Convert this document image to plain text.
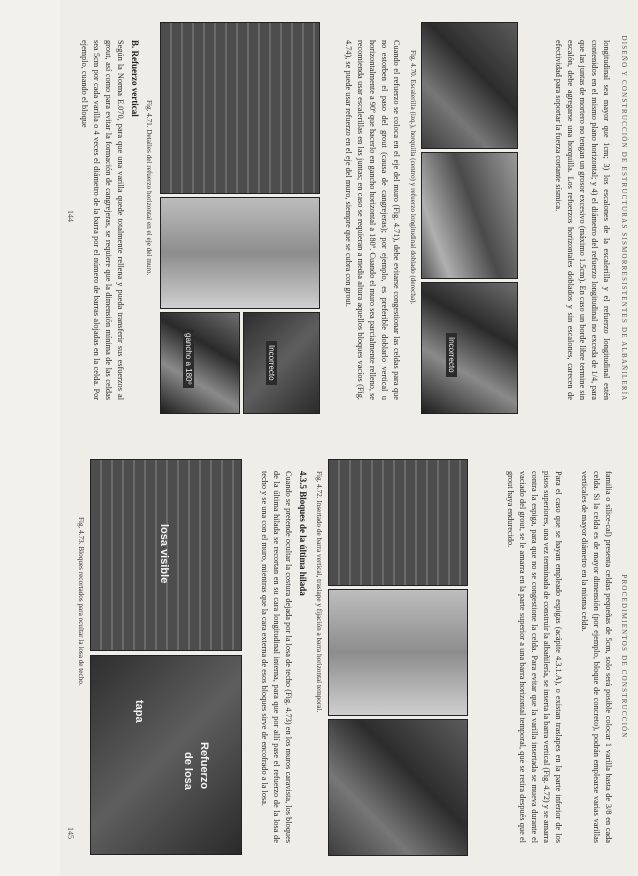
DISEÑO Y CONSTRUCCIÓN DE ESTRUCTURAS SISMORRESISTENTES DE ALBAÑILERÍA

longitudinal sea mayor que 1cm; 3) los escalones de la escalerilla y el refuerzo longitudinal estén contenidos en el mismo plano horizontal; y 4) el diámetro del refuerzo longitudinal no exceda de 1/4, para que las juntas de mortero no tengan un grosor excesivo (máximo 1.5cm). En caso un borde libre termine sin escalón, debe agregarse una horquilla. Los refuerzos horizontales doblados y sin escalones, carecen de efectividad para soportar la fuerza cortante sísmica.

Incorrecto
Fig. 4.70. Escalerilla (izq.), horquilla (centro) y refuerzo longitudinal doblado (derecha).

Cuando el refuerzo se coloca en el eje del muro (Fig. 4.71), debe evitarse congestionar las celdas para que no estorben el paso del grout (causa de cangrejeras); por ejemplo, es preferible doblarlo vertical u horizontalmente a 90º que hacerlo en gancho horizontal a 180º. Cuando el muro sea parcialmente relleno, se recomienda usar escalerillas en las juntas; en caso se requieran a media altura aquellos bloques vacíos (Fig. 4.74), se puede usar refuerzo en el eje del muro, siempre que se cubra con grout.

Incorrecto
gancho a 180º
Fig. 4.71. Detalles del refuerzo horizontal en el eje del muro.
B. Refuerzo vertical

Según la Norma E.070, para que una varilla quede totalmente rellena y pueda transferir sus esfuerzos al grout, así como para evitar la formación de cangrejeras, se requiere que la dimensión mínima de las celdas sea 5cm por cada varilla o 4 veces el diámetro de la barra por el número de barras alojadas en la celda. Por ejemplo, cuando el bloque

144
PROCEDIMIENTOS DE CONSTRUCCIÓN

familia o sílice-cal) presenta celdas pequeñas de 5cm, solo será posible colocar 1 varilla hasta de 3/8 en cada celda. Si la celda es de mayor dimensión (por ejemplo, bloque de concreto), podrán emplearse varias varillas verticales de mayor diámetro en la misma celda.

Para el caso que se hayan empleado espigas (acápite 4.3.1.A), o existan traslapes en la parte inferior de los pisos superiores, una vez terminada de construir la albañilería, se inserta la barra vertical (Fig. 4.72) y se amarra contra la espiga, para que no se congestione la celda. Para evitar que la varilla insertada se mueva durante el vaciado del grout, se le amarra en la parte superior a una barra horizontal temporal, que se retira después que el grout haya endurecido.

Fig. 4.72. Insertado de barra vertical, traslape y fijación a barra horizontal temporal.
4.3.5 Bloques de la última hilada

Cuando se pretende ocultar la costura dejada por la losa de techo (Fig. 4.73) en los muros caravista, los bloques de la última hilada se recortan en su cara longitudinal interna, para que por allí pase el refuerzo de la losa de techo y se una con el muro, mientras que la cara externa de esos bloques sirve de encofrado a la losa.

losa visible
Refuerzo
de losa
tapa
Fig. 4.73. Bloques recortados para ocultar la losa de techo.
145
